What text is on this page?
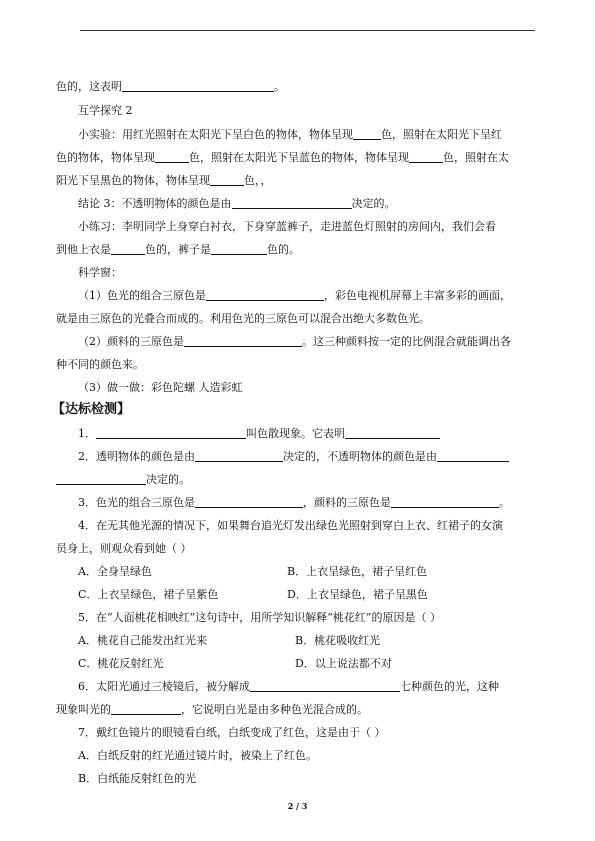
色的，这表明	。
互学探究 2
小实验：用红光照射在太阳光下呈白色的物体，物体呈现	色，照射在太阳光下呈红
色的物体，物体呈现	色，照射在太阳光下呈蓝色的物体，物体呈现	色，照射在太
阳光下呈黑色的物体，物体呈现	色，，
结论 3：不透明物体的颜色是由	决定的。
小练习：李明同学上身穿白衬衣，下身穿蓝裤子，走进蓝色灯照射的房间内，我们会看
到他上衣是	色的，裤子是	色的。
科学窗：
（1）色光的组合三原色是	，彩色电视机屏幕上丰富多彩的画面，
就是由三原色的光叠合而成的。利用色光的三原色可以混合出绝大多数色光。
（2）颜料的三原色是	。这三种颜料按一定的比例混合就能调出各
种不同的颜色来。
（3）做一做：彩色陀螺 人造彩虹
【达标检测】
1．	叫色散现象。它表明
2．透明物体的颜色是由	决定的，不透明物体的颜色是由
决定的。
3．色光的组合三原色是	，颜料的三原色是	。
4．在无其他光源的情况下，如果舞台追光灯发出绿色光照射到穿白上衣、红裙子的女演
员身上，则观众看到她（ ）
A．全身呈绿色	B．上衣呈绿色，裙子呈红色
C．上衣呈绿色，裙子呈紫色	D．上衣呈绿色，裙子呈黑色
5．在“人面桃花相映红”这句诗中，用所学知识解释“桃花红”的原因是（ ）
A．桃花自己能发出红光来	B．桃花吸收红光
C．桃花反射红光	D．以上说法都不对
6．太阳光通过三棱镜后，被分解成	七种颜色的光，这种
现象叫光的	，它说明白光是由多种色光混合成的。
7．戴红色镜片的眼镜看白纸，白纸变成了红色，这是由于（ ）
A．白纸反射的红光通过镜片时，被染上了红色。
B．白纸能反射红色的光
2 / 3
